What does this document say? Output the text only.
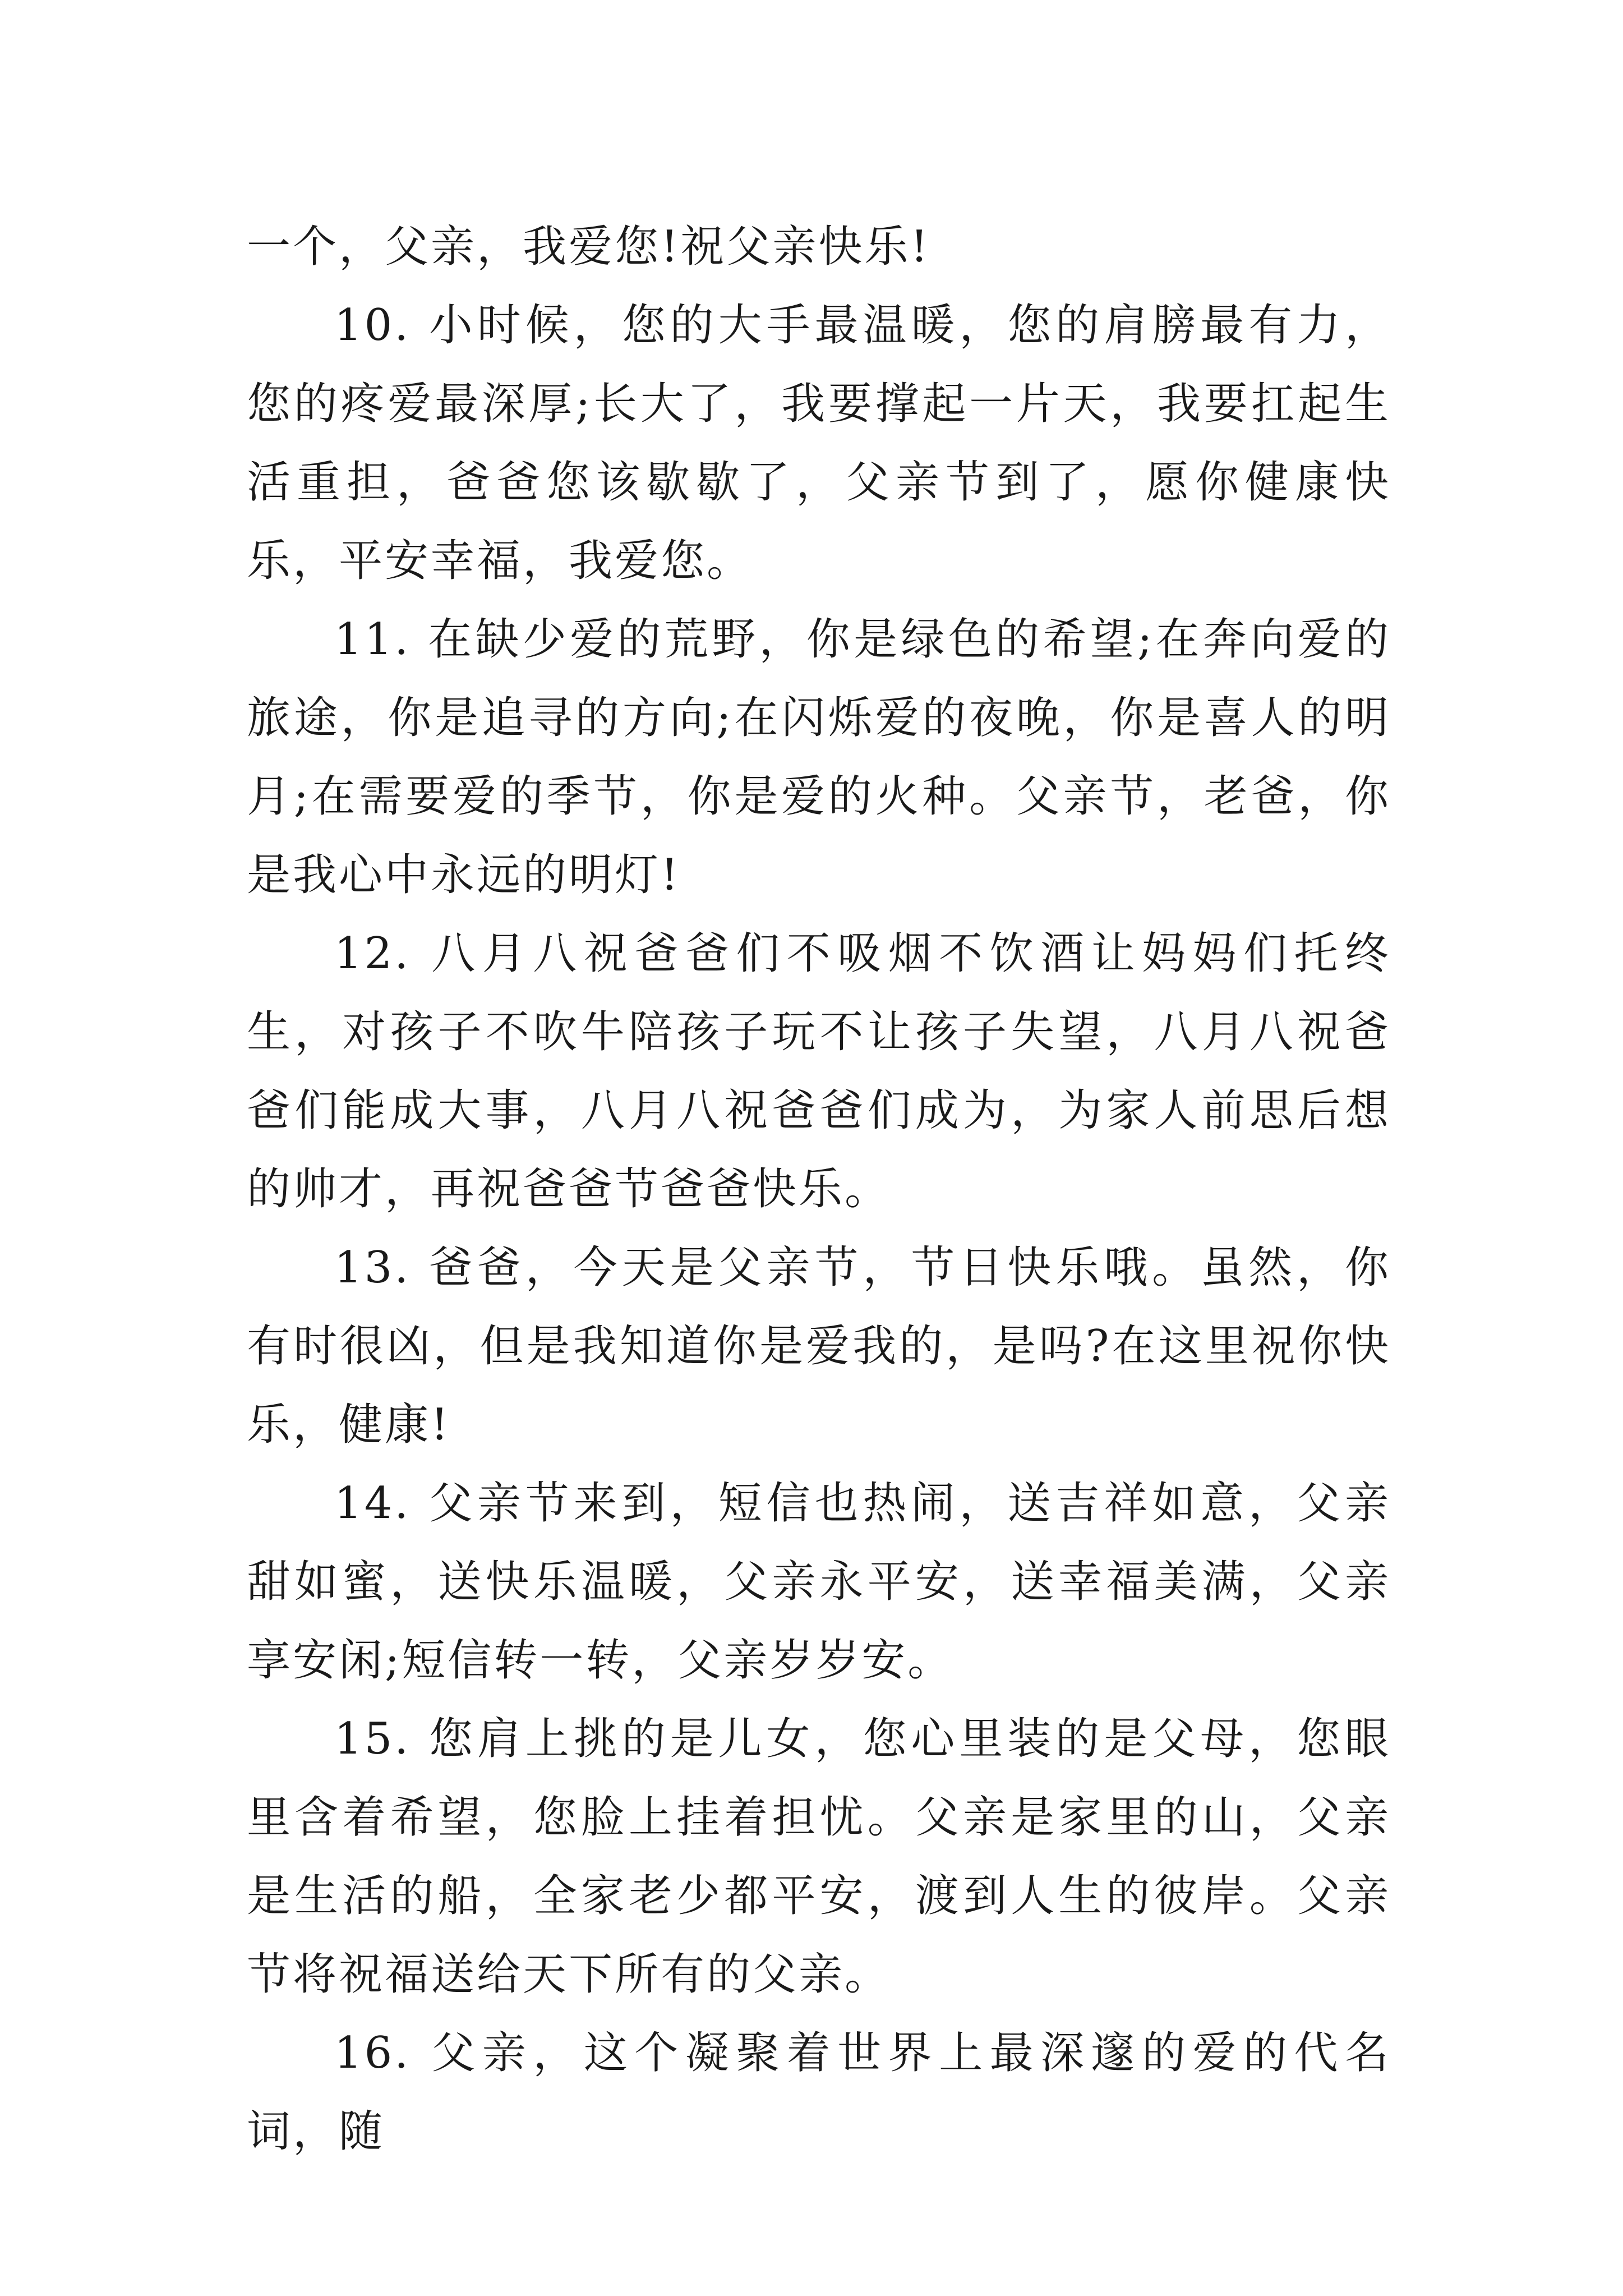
一个，父亲，我爱您!祝父亲快乐!

10. 小时候，您的大手最温暖，您的肩膀最有力，您的疼爱最深厚;长大了，我要撑起一片天，我要扛起生活重担，爸爸您该歇歇了，父亲节到了，愿你健康快乐，平安幸福，我爱您。

11. 在缺少爱的荒野，你是绿色的希望;在奔向爱的旅途，你是追寻的方向;在闪烁爱的夜晚，你是喜人的明月;在需要爱的季节，你是爱的火种。父亲节，老爸，你是我心中永远的明灯!

12. 八月八祝爸爸们不吸烟不饮酒让妈妈们托终生，对孩子不吹牛陪孩子玩不让孩子失望，八月八祝爸爸们能成大事，八月八祝爸爸们成为，为家人前思后想的帅才，再祝爸爸节爸爸快乐。

13. 爸爸，今天是父亲节，节日快乐哦。虽然，你有时很凶，但是我知道你是爱我的，是吗?在这里祝你快乐，健康!

14. 父亲节来到，短信也热闹，送吉祥如意，父亲甜如蜜，送快乐温暖，父亲永平安，送幸福美满，父亲享安闲;短信转一转，父亲岁岁安。

15. 您肩上挑的是儿女，您心里装的是父母，您眼里含着希望，您脸上挂着担忧。父亲是家里的山，父亲是生活的船，全家老少都平安，渡到人生的彼岸。父亲节将祝福送给天下所有的父亲。

16. 父亲，这个凝聚着世界上最深邃的爱的代名词，随
